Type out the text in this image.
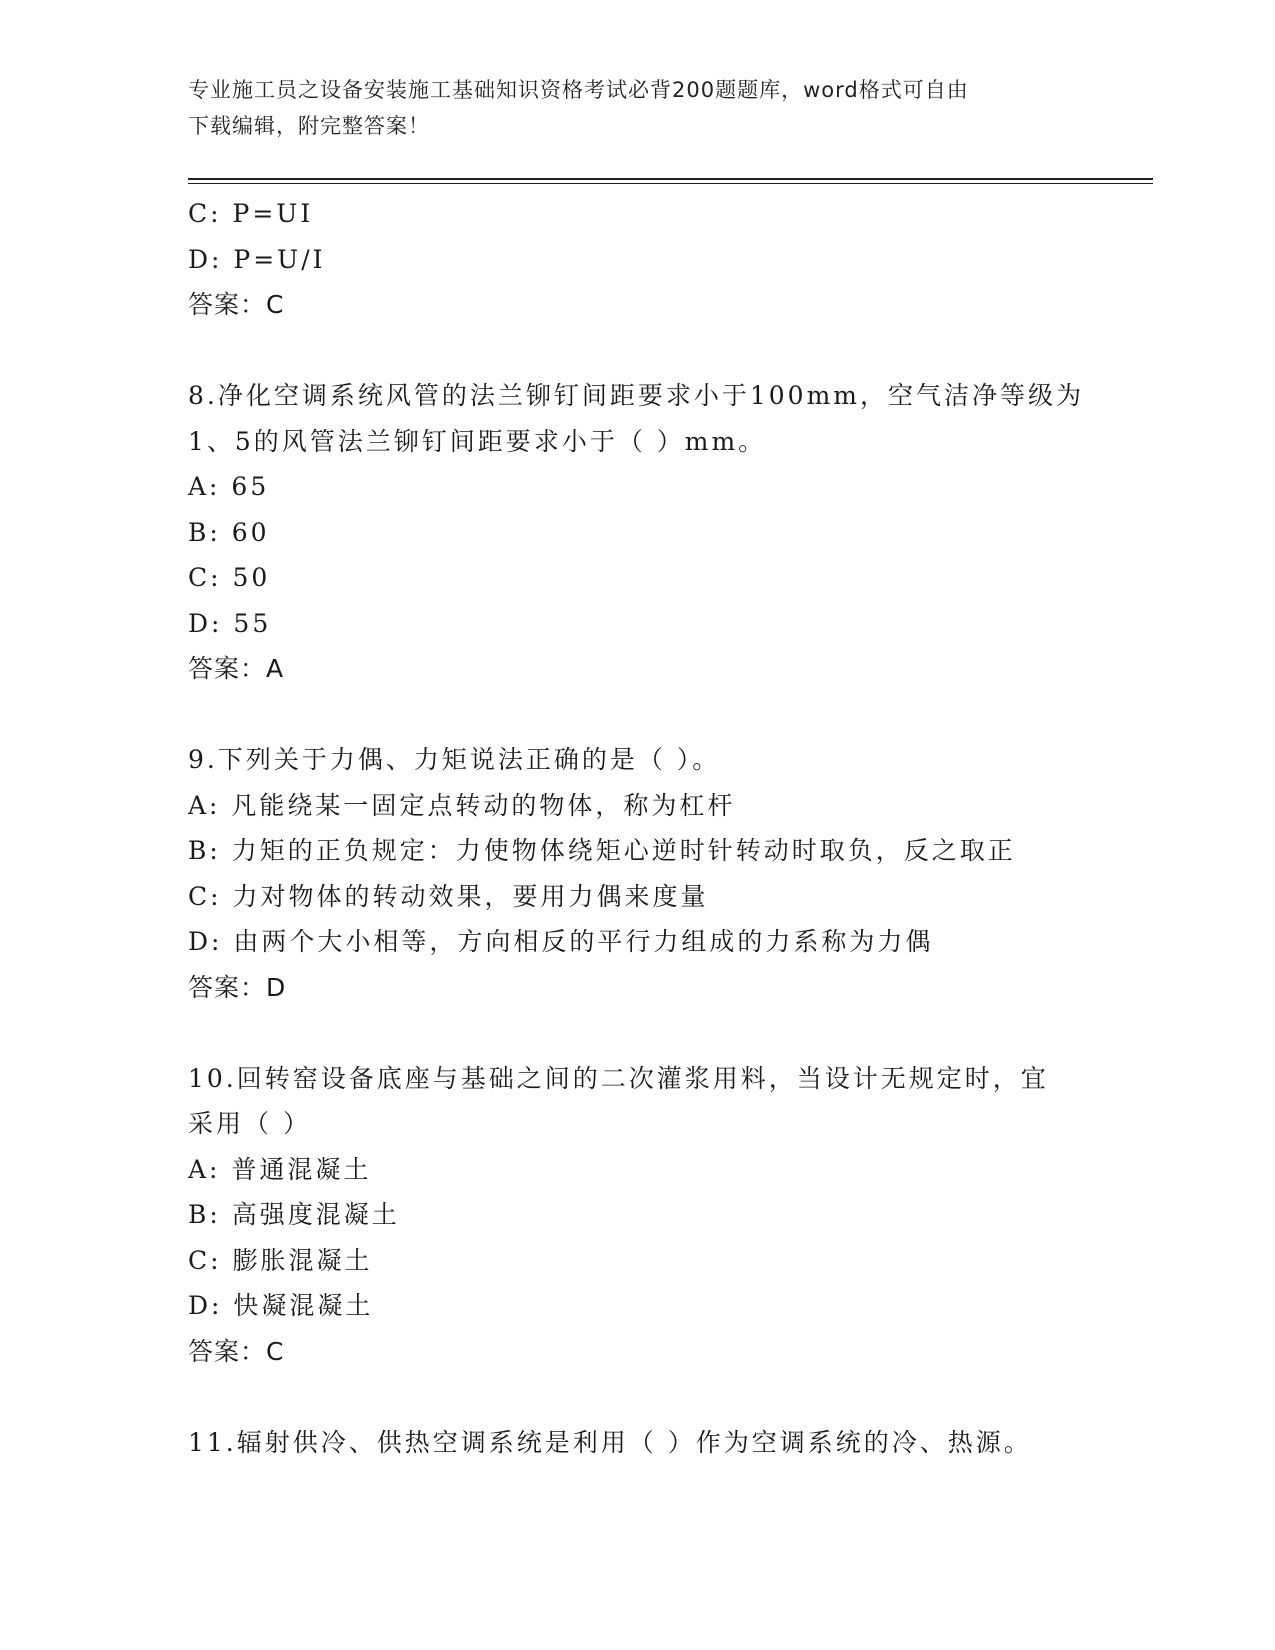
专业施工员之设备安装施工基础知识资格考试必背200题题库，word格式可自由
下载编辑，附完整答案！
C: P=UI
D: P=U/I
答案：C
8.净化空调系统风管的法兰铆钉间距要求小于100mm，空气洁净等级为
1、5的风管法兰铆钉间距要求小于（ ）mm。
A: 65
B: 60
C: 50
D: 55
答案：A
9.下列关于力偶、力矩说法正确的是（ ）。
A: 凡能绕某一固定点转动的物体，称为杠杆
B: 力矩的正负规定：力使物体绕矩心逆时针转动时取负，反之取正
C: 力对物体的转动效果，要用力偶来度量
D: 由两个大小相等，方向相反的平行力组成的力系称为力偶
答案：D
10.回转窑设备底座与基础之间的二次灌浆用料，当设计无规定时，宜
采用（ ）
A: 普通混凝土
B: 高强度混凝土
C: 膨胀混凝土
D: 快凝混凝土
答案：C
11.辐射供冷、供热空调系统是利用（ ）作为空调系统的冷、热源。
